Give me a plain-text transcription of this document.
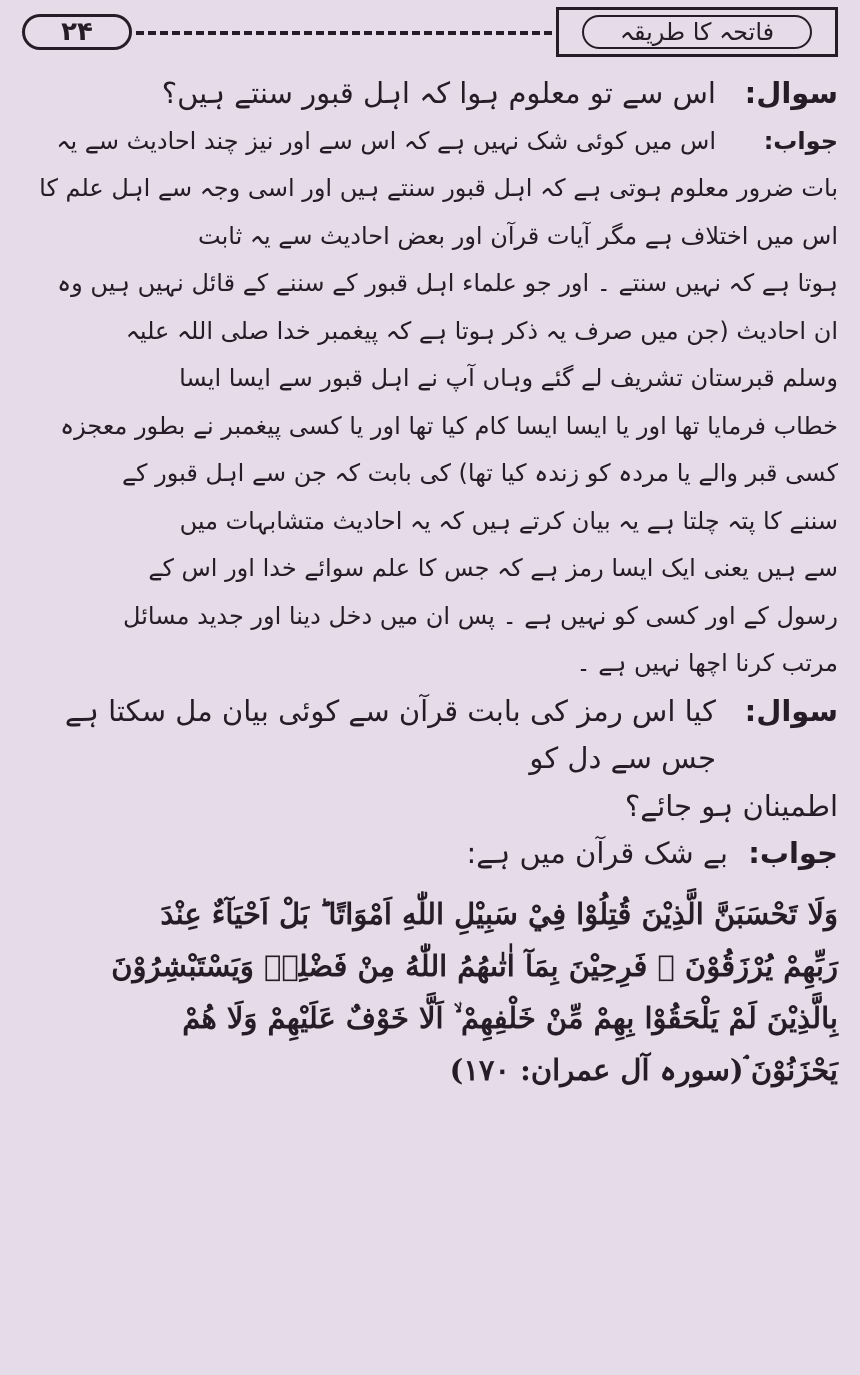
۲۴	فاتحہ کا طریقہ

سوال:اس سے تو معلوم ہوا کہ اہل قبور سنتے ہیں؟

جواب:اس میں کوئی شک نہیں ہے کہ اس سے اور نیز چند احادیث سے یہ
بات ضرور معلوم ہوتی ہے کہ اہل قبور سنتے ہیں اور اسی وجہ سے اہل علم کا
اس میں اختلاف ہے مگر آیات قرآن اور بعض احادیث سے یہ ثابت
ہوتا ہے کہ نہیں سنتے ۔ اور جو علماء اہل قبور کے سننے کے قائل نہیں ہیں وہ
ان احادیث (جن میں صرف یہ ذکر ہوتا ہے کہ پیغمبر خدا صلی اللہ علیہ
وسلم قبرستان تشریف لے گئے وہاں آپ نے اہل قبور سے ایسا ایسا
خطاب فرمایا تھا اور یا ایسا ایسا کام کیا تھا اور یا کسی پیغمبر نے بطور معجزہ
کسی قبر والے یا مردہ کو زندہ کیا تھا) کی بابت کہ جن سے اہل قبور کے
سننے کا پتہ چلتا ہے یہ بیان کرتے ہیں کہ یہ احادیث متشابہات میں
سے ہیں یعنی ایک ایسا رمز ہے کہ جس کا علم سوائے خدا اور اس کے
رسول کے اور کسی کو نہیں ہے ۔ پس ان میں دخل دینا اور جدید مسائل
مرتب کرنا اچھا نہیں ہے ۔

سوال:کیا اس رمز کی بابت قرآن سے کوئی بیان مل سکتا ہے جس سے دل کو
اطمینان ہو جائے؟

جواب:بے شک قرآن میں ہے:

وَلَا تَحْسَبَنَّ الَّذِيْنَ قُتِلُوْا فِيْ سَبِيْلِ اللّٰهِ اَمْوَاتًا ؕ بَلْ اَحْيَآءٌ عِنْدَ
رَبِّهِمْ يُرْزَقُوْنَ ۙ فَرِحِيْنَ بِمَآ اٰتٰىهُمُ اللّٰهُ مِنْ فَضْلِهٖ وَيَسْتَبْشِرُوْنَ
بِالَّذِيْنَ لَمْ يَلْحَقُوْا بِهِمْ مِّنْ خَلْفِهِمْ ۙ اَلَّا خَوْفٌ عَلَيْهِمْ وَلَا هُمْ
يَحْزَنُوْنَ ۘ(سورہ آل عمران: ۱۷۰)
